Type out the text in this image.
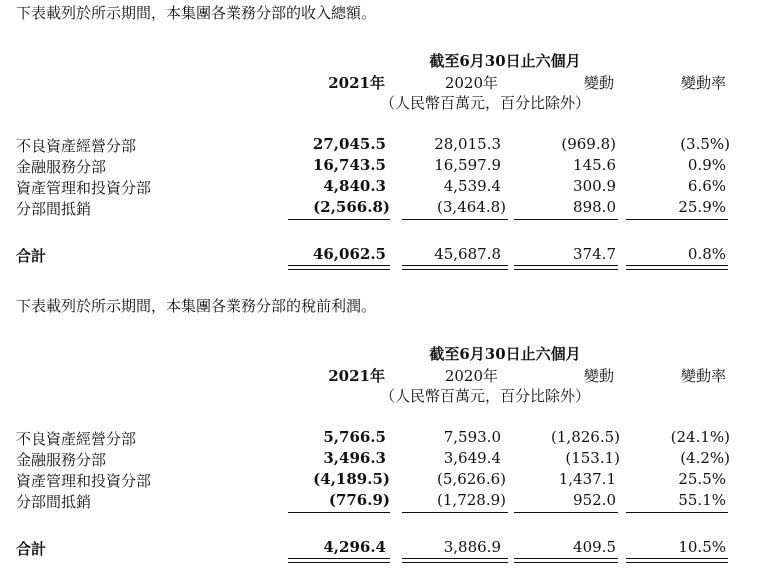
下表載列於所示期間，本集團各業務分部的收入總額。
截至6月30日止六個月
2021年	2020年	變動	變動率
（人民幣百萬元，百分比除外）
不良資產經營分部	27,045.5	28,015.3	(969.8)	(3.5%)
金融服務分部	16,743.5	16,597.9	145.6	0.9%
資產管理和投資分部	4,840.3	4,539.4	300.9	6.6%
分部間抵銷	(2,566.8)	(3,464.8)	898.0	25.9%
合計	46,062.5	45,687.8	374.7	0.8%
下表載列於所示期間，本集團各業務分部的稅前利潤。
截至6月30日止六個月
2021年	2020年	變動	變動率
（人民幣百萬元，百分比除外）
不良資產經營分部	5,766.5	7,593.0	(1,826.5)	(24.1%)
金融服務分部	3,496.3	3,649.4	(153.1)	(4.2%)
資產管理和投資分部	(4,189.5)	(5,626.6)	1,437.1	25.5%
分部間抵銷	(776.9)	(1,728.9)	952.0	55.1%
合計	4,296.4	3,886.9	409.5	10.5%
